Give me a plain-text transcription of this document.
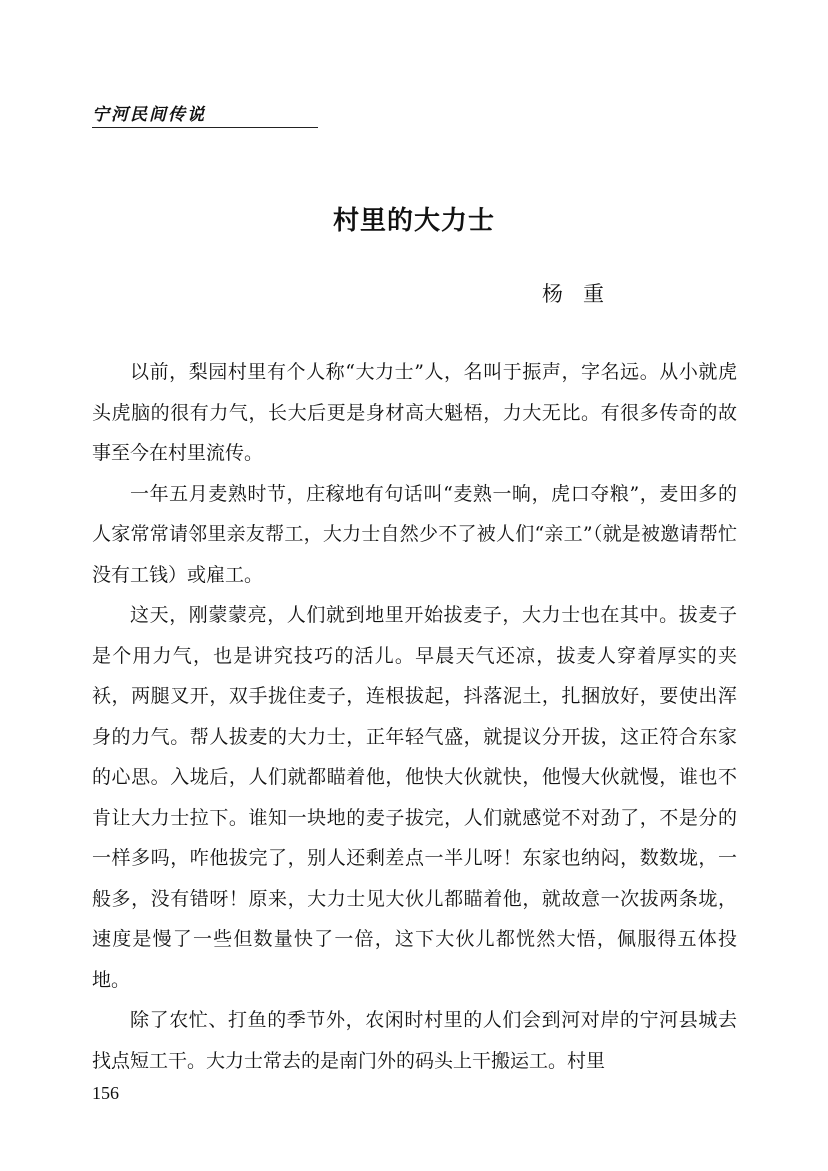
宁河民间传说
村里的大力士
杨重

以前，梨园村里有个人称“大力士”人，名叫于振声，字名远。从小就虎头虎脑的很有力气，长大后更是身材高大魁梧，力大无比。有很多传奇的故事至今在村里流传。

一年五月麦熟时节，庄稼地有句话叫“麦熟一晌，虎口夺粮”，麦田多的人家常常请邻里亲友帮工，大力士自然少不了被人们“亲工”（就是被邀请帮忙没有工钱）或雇工。

这天，刚蒙蒙亮，人们就到地里开始拔麦子，大力士也在其中。拔麦子是个用力气，也是讲究技巧的活儿。早晨天气还凉，拔麦人穿着厚实的夹袄，两腿叉开，双手拢住麦子，连根拔起，抖落泥土，扎捆放好，要使出浑身的力气。帮人拔麦的大力士，正年轻气盛，就提议分开拔，这正符合东家的心思。入垅后，人们就都瞄着他，他快大伙就快，他慢大伙就慢，谁也不肯让大力士拉下。谁知一块地的麦子拔完，人们就感觉不对劲了，不是分的一样多吗，咋他拔完了，别人还剩差点一半儿呀！东家也纳闷，数数垅，一般多，没有错呀！原来，大力士见大伙儿都瞄着他，就故意一次拔两条垅，速度是慢了一些但数量快了一倍，这下大伙儿都恍然大悟，佩服得五体投地。

除了农忙、打鱼的季节外，农闲时村里的人们会到河对岸的宁河县城去找点短工干。大力士常去的是南门外的码头上干搬运工。村里

156
